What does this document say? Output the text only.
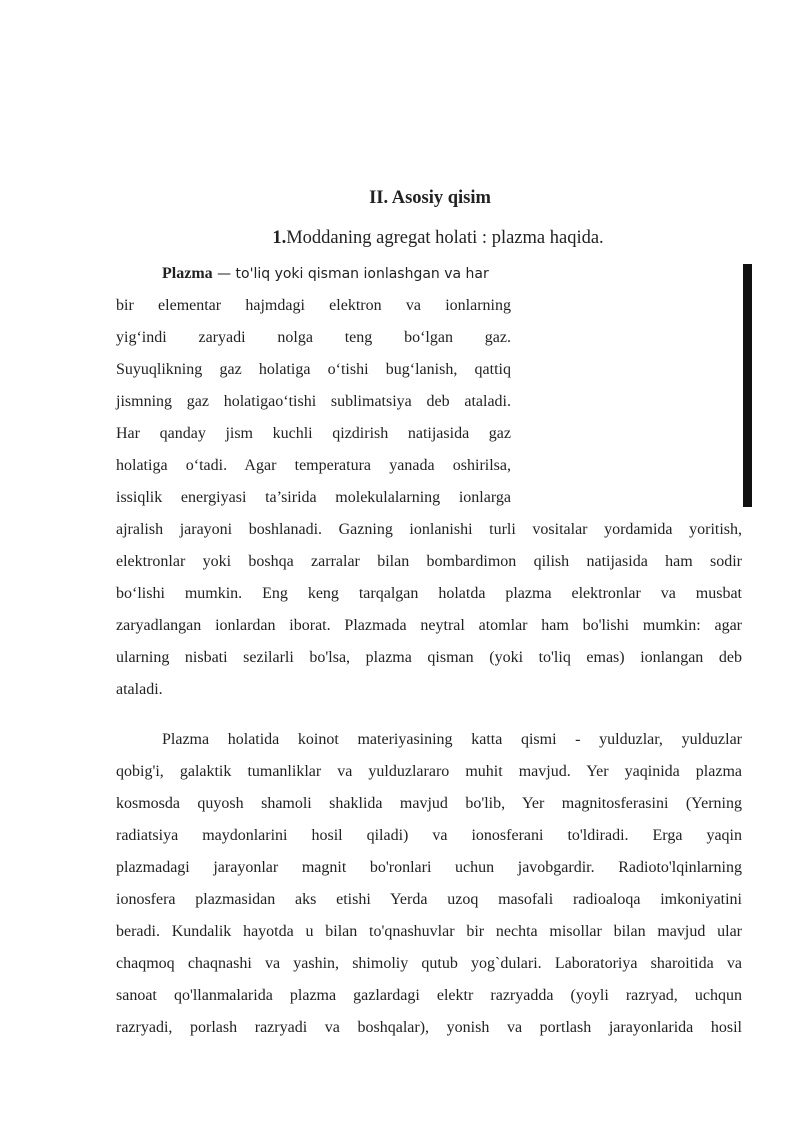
II. Asosiy qisim
1.Moddaning agregat holati : plazma haqida.
Plazma — to'liq yoki qisman ionlashgan va har
bir elementar hajmdagi elektron va ionlarning
yig‘indi zaryadi nolga teng bo‘lgan gaz.
Suyuqlikning gaz holatiga o‘tishi bug‘lanish, qattiq
jismning gaz holatigao‘tishi sublimatsiya deb ataladi.
Har qanday jism kuchli qizdirish natijasida gaz
holatiga o‘tadi. Agar temperatura yanada oshirilsa,
issiqlik energiyasi ta’sirida molekulalarning ionlarga
ajralish jarayoni boshlanadi. Gazning ionlanishi turli vositalar yordamida yoritish,
elektronlar yoki boshqa zarralar bilan bombardimon qilish natijasida ham sodir
bo‘lishi mumkin. Eng keng tarqalgan holatda plazma elektronlar va musbat
zaryadlangan ionlardan iborat. Plazmada neytral atomlar ham bo'lishi mumkin: agar
ularning nisbati sezilarli bo'lsa, plazma qisman (yoki to'liq emas) ionlangan deb
ataladi.
Plazma holatida koinot materiyasining katta qismi - yulduzlar, yulduzlar
qobig'i, galaktik tumanliklar va yulduzlararo muhit mavjud. Yer yaqinida plazma
kosmosda quyosh shamoli shaklida mavjud bo'lib, Yer magnitosferasini (Yerning
radiatsiya maydonlarini hosil qiladi) va ionosferani to'ldiradi. Erga yaqin
plazmadagi jarayonlar magnit bo'ronlari uchun javobgardir. Radioto'lqinlarning
ionosfera plazmasidan aks etishi Yerda uzoq masofali radioaloqa imkoniyatini
beradi. Kundalik hayotda u bilan to'qnashuvlar bir nechta misollar bilan mavjud ular
chaqmoq chaqnashi va yashin, shimoliy qutub yog`dulari. Laboratoriya sharoitida va
sanoat qo'llanmalarida plazma gazlardagi elektr razryadda (yoyli razryad, uchqun
razryadi, porlash razryadi va boshqalar), yonish va portlash jarayonlarida hosil
